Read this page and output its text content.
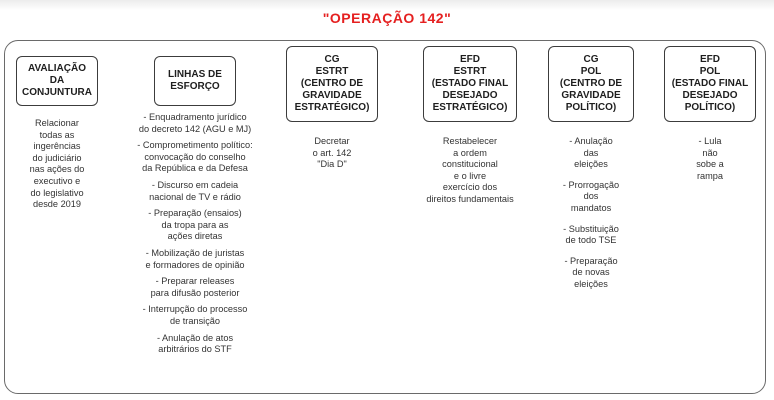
"OPERAÇÃO 142"
AVALIAÇÃO
DA
CONJUNTURA
Relacionar
todas as
ingerências
do judiciário
nas ações do
executivo e
do legislativo
desde 2019
LINHAS DE
ESFORÇO
- Enquadramento jurídico
do decreto 142 (AGU e MJ)
- Comprometimento político:
convocação do conselho
da República e da Defesa
- Discurso em cadeia
nacional de TV e rádio
- Preparação (ensaios)
da tropa para as
ações diretas
- Mobilização de juristas
e formadores de opinião
- Preparar releases
para difusão posterior
- Interrupção do processo
de transição
- Anulação de atos
arbitrários do STF
CG
ESTRT
(CENTRO DE
GRAVIDADE
ESTRATÉGICO)
Decretar
o art. 142
"Dia D"
EFD
ESTRT
(ESTADO FINAL
DESEJADO
ESTRATÉGICO)
Restabelecer
a ordem
constitucional
e o livre
exercício dos
direitos fundamentais
CG
POL
(CENTRO DE
GRAVIDADE
POLÍTICO)
- Anulação
das
eleições
- Prorrogação
dos
mandatos
- Substituição
de todo TSE
- Preparação
de novas
eleições
EFD
POL
(ESTADO FINAL
DESEJADO
POLÍTICO)
- Lula
não
sobe a
rampa
